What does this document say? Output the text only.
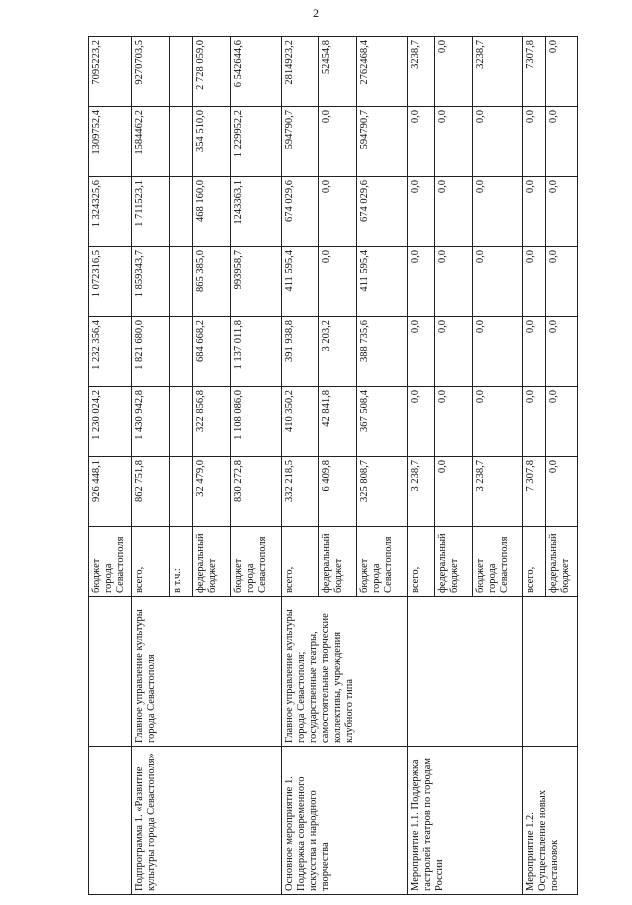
2
		бюджет города Севастополя	926 448,1	1 230 024,2	1 232 356,4	1 072316,5	1 324325,6	1309752,4	7095223,2
Подпрограмма 1. «Развитие культуры города Севастополя»	Главное управление культуры города Севастополя	всего,	862 751,8	1 430 942,8	1 821 680,0	1 859343,7	1 711523,1	1584462,2	9270703,5
		в т.ч.:							
		федеральный бюджет	32 479,0	322 856,8	684 668,2	865 385,0	468 160,0	354 510,0	2 728 059,0
		бюджет города Севастополя	830 272,8	1 108 086,0	1 137 011,8	993958,7	1243363,1	1 229952,2	6 542644,6
Основное мероприятие 1. Поддержка современного искусства и народного творчества	Главное управление культуры города Севастополя; государственные театры, самостоятельные творческие коллективы, учреждения клубного типа	всего,	332 218,5	410 350,2	391 938,8	411 595,4	674 029,6	594790,7	2814923,2
		федеральный бюджет	6 409,8	42 841,8	3 203,2	0,0	0,0	0,0	52454,8
		бюджет города Севастополя	325 808,7	367 508,4	388 735,6	411 595,4	674 029,6	594790,7	2762468,4
Мероприятие 1.1. Поддержка гастролей театров по городам России		всего,	3 238,7	0,0	0,0	0,0	0,0	0,0	3238,7
		федеральный бюджет	0,0	0,0	0,0	0,0	0,0	0,0	0,0
		бюджет города Севастополя	3 238,7	0,0	0,0	0,0	0,0	0,0	3238,7
Мероприятие 1.2. Осуществление новых постановок		всего,	7 307,8	0,0	0,0	0,0	0,0	0,0	7307,8
		федеральный бюджет	0,0	0,0	0,0	0,0	0,0	0,0	0,0
